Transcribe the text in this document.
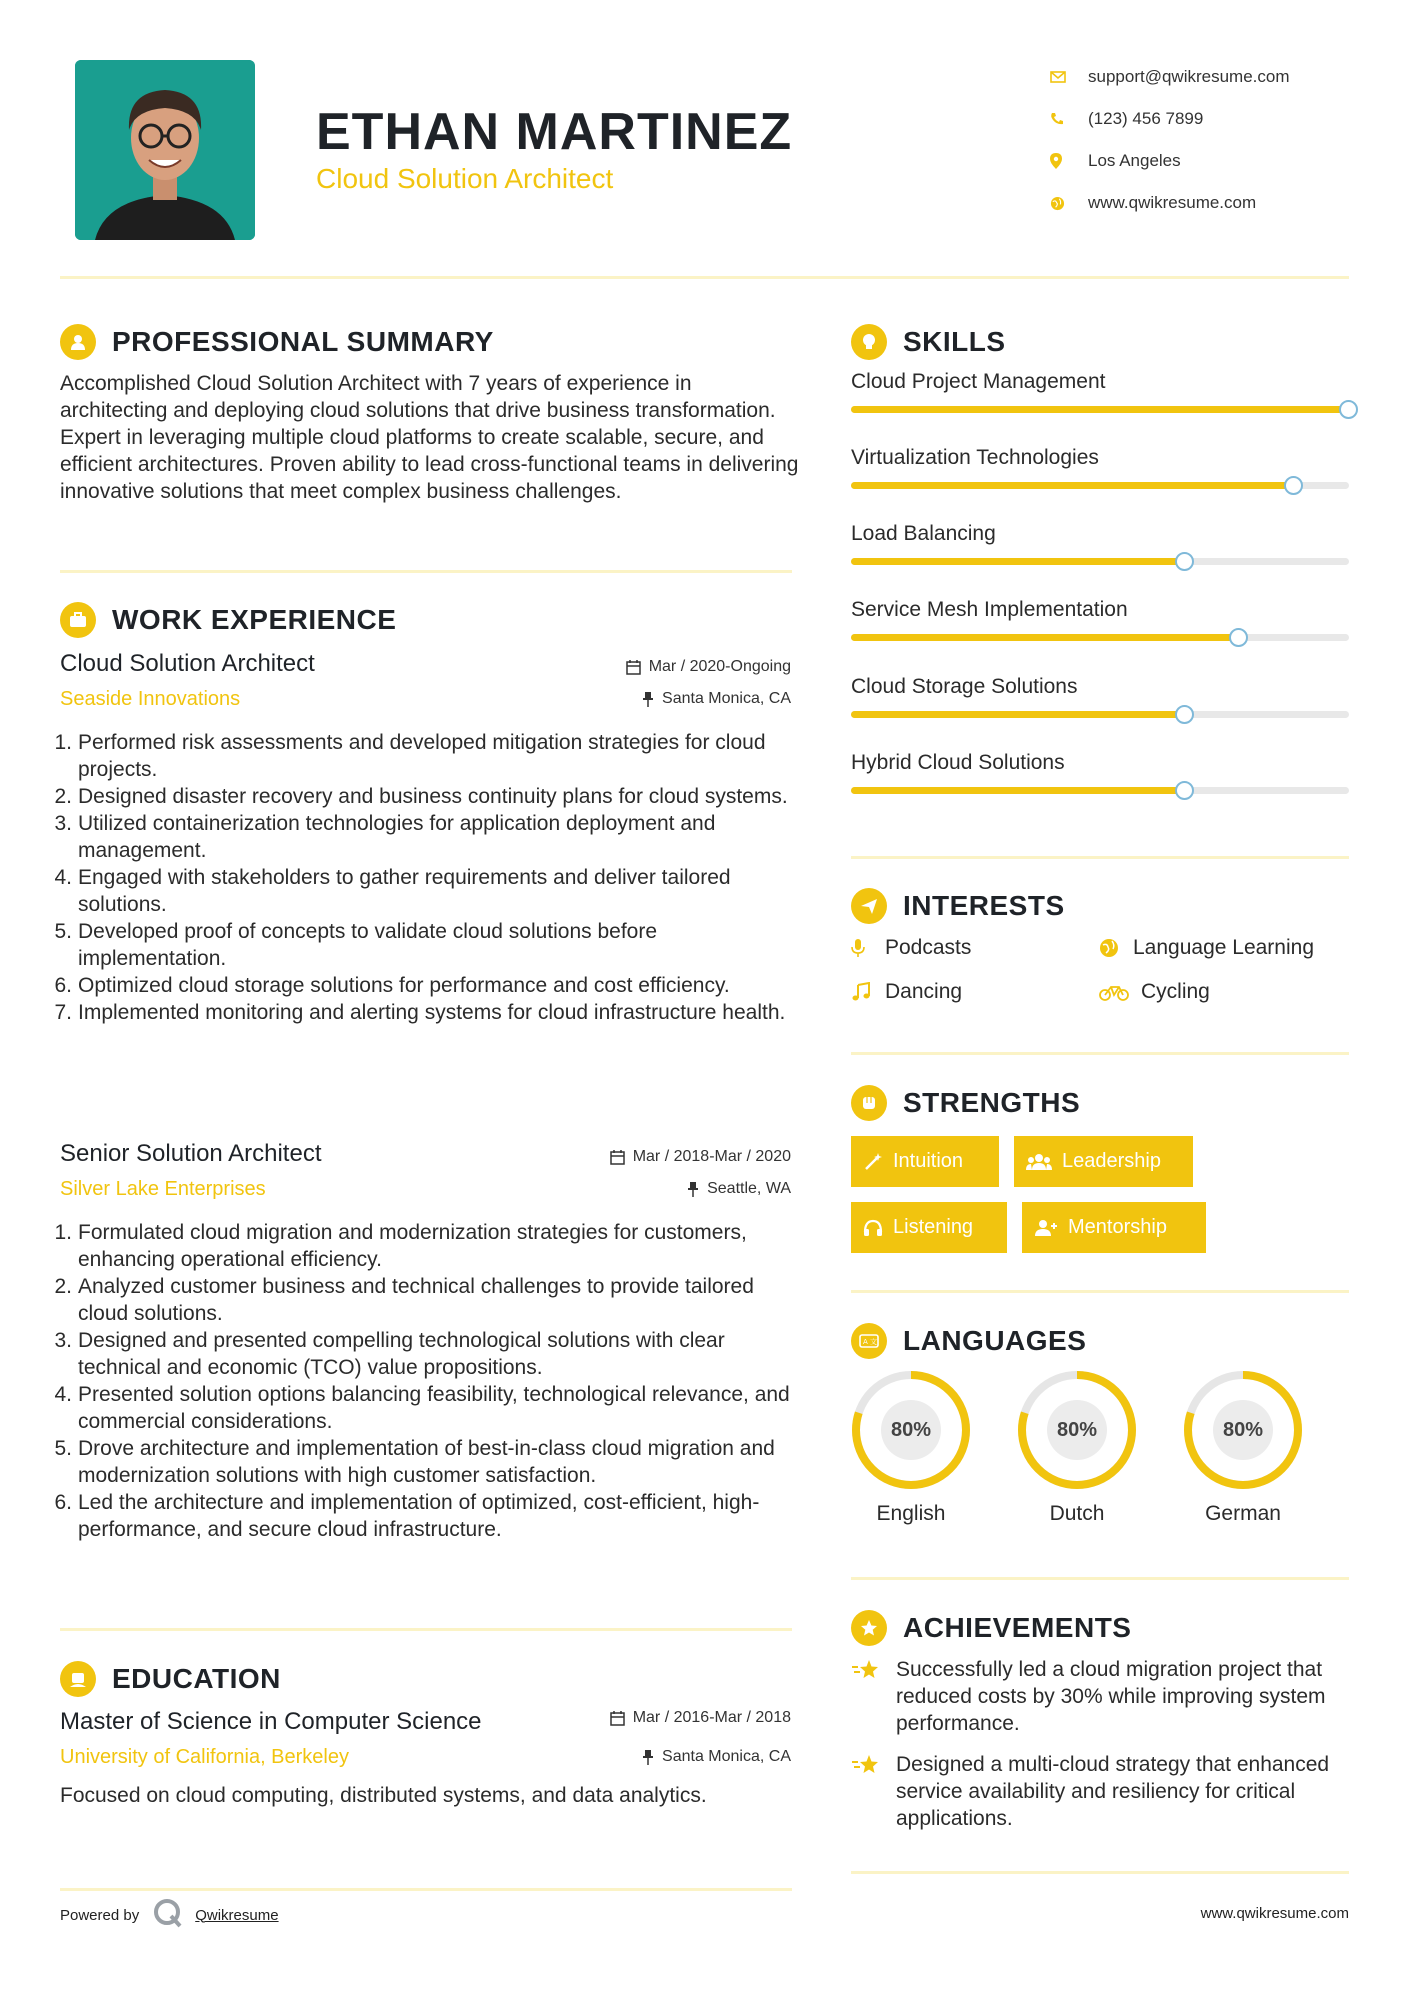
ETHAN MARTINEZ
Cloud Solution Architect
support@qwikresume.com
(123) 456 7899
Los Angeles
www.qwikresume.com
PROFESSIONAL SUMMARY
Accomplished Cloud Solution Architect with 7 years of experience in architecting and deploying cloud solutions that drive business transformation. Expert in leveraging multiple cloud platforms to create scalable, secure, and efficient architectures. Proven ability to lead cross-functional teams in delivering innovative solutions that meet complex business challenges.
WORK EXPERIENCE
Cloud Solution Architect	Mar / 2020-Ongoing
Seaside Innovations	Santa Monica, CA
1. Performed risk assessments and developed mitigation strategies for cloud projects.
2. Designed disaster recovery and business continuity plans for cloud systems.
3. Utilized containerization technologies for application deployment and management.
4. Engaged with stakeholders to gather requirements and deliver tailored solutions.
5. Developed proof of concepts to validate cloud solutions before implementation.
6. Optimized cloud storage solutions for performance and cost efficiency.
7. Implemented monitoring and alerting systems for cloud infrastructure health.
Senior Solution Architect	Mar / 2018-Mar / 2020
Silver Lake Enterprises	Seattle, WA
1. Formulated cloud migration and modernization strategies for customers, enhancing operational efficiency.
2. Analyzed customer business and technical challenges to provide tailored cloud solutions.
3. Designed and presented compelling technological solutions with clear technical and economic (TCO) value propositions.
4. Presented solution options balancing feasibility, technological relevance, and commercial considerations.
5. Drove architecture and implementation of best-in-class cloud migration and modernization solutions with high customer satisfaction.
6. Led the architecture and implementation of optimized, cost-efficient, high-performance, and secure cloud infrastructure.
EDUCATION
Master of Science in Computer Science	Mar / 2016-Mar / 2018
University of California, Berkeley	Santa Monica, CA
Focused on cloud computing, distributed systems, and data analytics.
SKILLS
Cloud Project Management
Virtualization Technologies
Load Balancing
Service Mesh Implementation
Cloud Storage Solutions
Hybrid Cloud Solutions
INTERESTS
Podcasts	Language Learning
Dancing	Cycling
STRENGTHS
Intuition	Leadership
Listening	Mentorship
A 文 LANGUAGES
80%
English
80%
Dutch
80%
German
ACHIEVEMENTS
Successfully led a cloud migration project that reduced costs by 30% while improving system performance.
Designed a multi-cloud strategy that enhanced service availability and resiliency for critical applications.
Powered by	Qwikresume	www.qwikresume.com
